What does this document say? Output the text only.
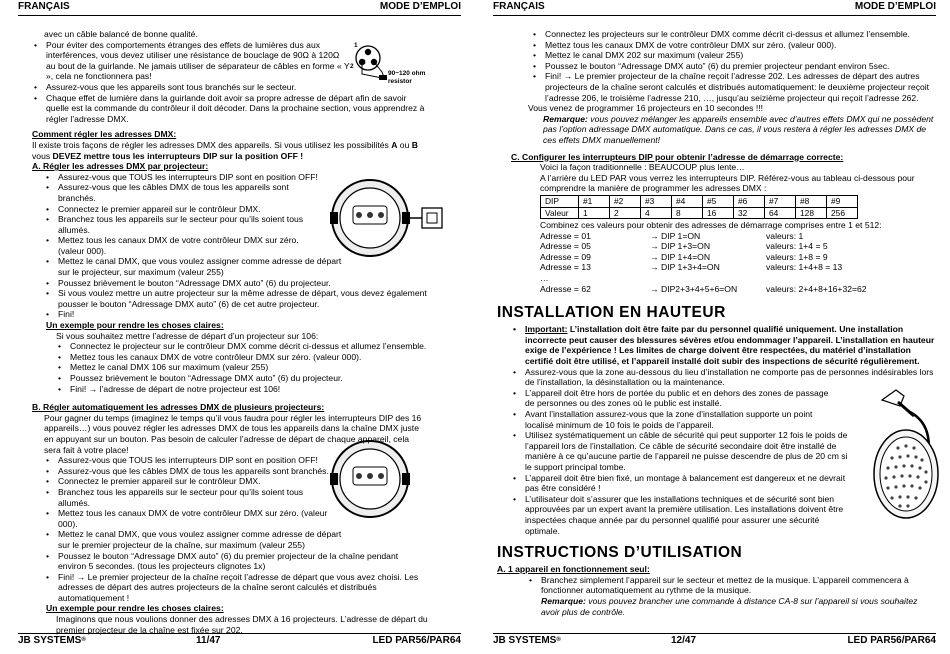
FRANÇAIS	MODE D’EMPLOI
1
3
2
90~120 ohm resistor

avec un câble balancé de bonne qualité.

• Pour éviter des comportements étranges des effets de lumières dus aux interférences, vous devez utiliser une résistance de bouclage de 90Ω à 120Ω au bout de la guirlande. Ne jamais utiliser de séparateur de câbles en forme « Y », cela ne fonctionnera pas!

• Assurez-vous que les appareils sont tous branchés sur le secteur.

• Chaque effet de lumière dans la guirlande doit avoir sa propre adresse de départ afin de savoir quelle est la commande du contrôleur il doit décoder. Dans la prochaine section, vous apprendrez à régler l’adresse DMX.

Comment régler les adresses DMX:

Il existe trois façons de régler les adresses DMX des appareils. Si vous utilisez les possibilités A ou B
vous DEVEZ mettre tous les interrupteurs DIP sur la position OFF !

A. Régler les adresses DMX par projecteur:

• Assurez-vous que TOUS les interrupteurs DIP sont en position OFF!

• Assurez-vous que les câbles DMX de tous les appareils sont branchés.

• Connectez le premier appareil sur le contrôleur DMX.

• Branchez tous les appareils sur le secteur pour qu’ils soient tous allumés.

• Mettez tous les canaux DMX de votre contrôleur DMX sur zéro. (valeur 000).

• Mettez le canal DMX, que vous voulez assigner comme adresse de départ sur le projecteur, sur maximum (valeur 255)

• Poussez brièvement le bouton “Adressage DMX auto” (6) du projecteur.

• Si vous voulez mettre un autre projecteur sur la même adresse de départ, vous devez également pousser le bouton “Adressage DMX auto” (6) de cet autre projecteur.

• Fini!

Un exemple pour rendre les choses claires:

Si vous souhaitez mettre l’adresse de départ d’un projecteur sur 106:

• Connectez le projecteur sur le contrôleur DMX comme décrit ci-dessus et allumez l’ensemble.

• Mettez tous les canaux DMX de votre contrôleur DMX sur zéro. (valeur 000).

• Mettez le canal DMX 106 sur maximum (valeur 255)

• Poussez brièvement le bouton “Adressage DMX auto” (6) du projecteur.

• Fini! → l’adresse de départ de notre projecteur est 106!

B. Régler automatiquement les adresses DMX de plusieurs projecteurs:

Pour gagner du temps (imaginez le temps qu’il vous faudra pour régler les interrupteurs DIP des 16 appareils…) vous pouvez régler les adresses DMX de tous les appareils dans la chaîne DMX juste en appuyant sur un bouton. Pas besoin de calculer l’adresse de départ de chaque appareil, cela sera fait à votre place!

• Assurez-vous que TOUS les interrupteurs DIP sont en position OFF!

• Assurez-vous que les câbles DMX de tous les appareils sont branchés.

• Connectez le premier appareil sur le contrôleur DMX.

• Branchez tous les appareils sur le secteur pour qu’ils soient tous allumés.

• Mettez tous les canaux DMX de votre contrôleur DMX sur zéro. (valeur 000).

• Mettez le canal DMX, que vous voulez assigner comme adresse de départ sur le premier projecteur de la chaîne, sur maximum (valeur 255)

• Poussez le bouton “Adressage DMX auto” (6) du premier projecteur de la chaîne pendant environ 5 secondes. (tous les projecteurs clignotes 1x)

• Fini! → Le premier projecteur de la chaîne reçoit l’adresse de départ que vous avez choisi. Les adresses de départ des autres projecteurs de la chaîne seront calculés et distribués automatiquement !

Un exemple pour rendre les choses claires:

Imaginons que nous voulions donner des adresses DMX à 16 projecteurs. L’adresse de départ du premier projecteur de la chaîne est fixée sur 202.

JB SYSTEMS®	11/47	LED PAR56/PAR64
FRANÇAIS	MODE D’EMPLOI

• Connectez les projecteurs sur le contrôleur DMX comme décrit ci-dessus et allumez l’ensemble.

• Mettez tous les canaux DMX de votre contrôleur DMX sur zéro. (valeur 000).

• Mettez le canal DMX 202 sur maximum (valeur 255)

• Poussez le bouton “Adressage DMX auto” (6) du premier projecteur pendant environ 5sec.

• Fini! → Le premier projecteur de la chaîne reçoit l’adresse 202. Les adresses de départ des autres projecteurs de la chaîne seront calculés et distribués automatiquement: le deuxième projecteur reçoit l’adresse 206, le troisième l’adresse 210, …, jusqu’au seizième projecteur qui reçoit l’adresse 262.

Vous venez de programmer 16 projecteurs en 10 secondes !!!

Remarque: vous pouvez mélanger les appareils ensemble avec d’autres effets DMX qui ne possèdent pas l’option adressage DMX automatique. Dans ce cas, il vous restera à régler les adresses DMX de ces effets DMX manuellement!

C. Configurer les interrupteurs DIP pour obtenir l’adresse de démarrage correcte:

Voici la façon traditionnelle : BEAUCOUP plus lente…

A l’arrière du LED PAR vous verrez les interrupteurs DIP. Référez-vous au tableau ci-dessous pour comprendre la manière de programmer les adresses DMX :

DIP	#1	#2	#3	#4	#5	#6	#7	#8	#9
Valeur	1	2	4	8	16	32	64	128	256

Combinez ces valeurs pour obtenir des adresses de démarrage comprises entre 1 et 512:

Adresse = 01	→ DIP 1=ON	valeurs: 1
Adresse = 05	→ DIP 1+3=ON	valeurs: 1+4 = 5
Adresse = 09	→ DIP 1+4=ON	valeurs: 1+8 = 9
Adresse = 13	→ DIP 1+3+4=ON	valeurs: 1+4+8 = 13
…
Adresse = 62	→ DIP2+3+4+5+6=ON	valeurs: 2+4+8+16+32=62

INSTALLATION EN HAUTEUR

• Important: L’installation doit être faite par du personnel qualifié uniquement. Une installation incorrecte peut causer des blessures sévères et/ou endommager l’appareil. L’installation en hauteur exige de l’expérience ! Les limites de charge doivent être respectées, du matériel d’installation certifié doit être utilisé, et l’appareil installé doit subir des inspections de sécurité régulièrement.

• Assurez-vous que la zone au-dessous du lieu d’installation ne comporte pas de personnes indésirables lors de l’installation, la désinstallation ou la maintenance.

• L’appareil doit être hors de portée du public et en dehors des zones de passage de personnes ou des zones où le public est installé.

• Avant l’installation assurez-vous que la zone d’installation supporte un point localisé minimum de 10 fois le poids de l’appareil.

• Utilisez systématiquement un câble de sécurité qui peut supporter 12 fois le poids de l’appareil lors de l’installation. Ce câble de sécurité secondaire doit être installé de manière à ce qu’aucune partie de l’appareil ne puisse descendre de plus de 20 cm si le support principal tombe.

• L’appareil doit être bien fixé, un montage à balancement est dangereux et ne devrait pas être considéré !

• L’utilisateur doit s’assurer que les installations techniques et de sécurité sont bien approuvées par un expert avant la première utilisation. Les installations doivent être inspectées chaque année par du personnel qualifié pour assurer une sécurité optimale.

INSTRUCTIONS D’UTILISATION

A. 1 appareil en fonctionnement seul:

• Branchez simplement l’appareil sur le secteur et mettez de la musique. L’appareil commencera à fonctionner automatiquement au rythme de la musique.

Remarque: vous pouvez brancher une commande à distance CA-8 sur l’appareil si vous souhaitez avoir plus de contrôle.

JB SYSTEMS®	12/47	LED PAR56/PAR64
